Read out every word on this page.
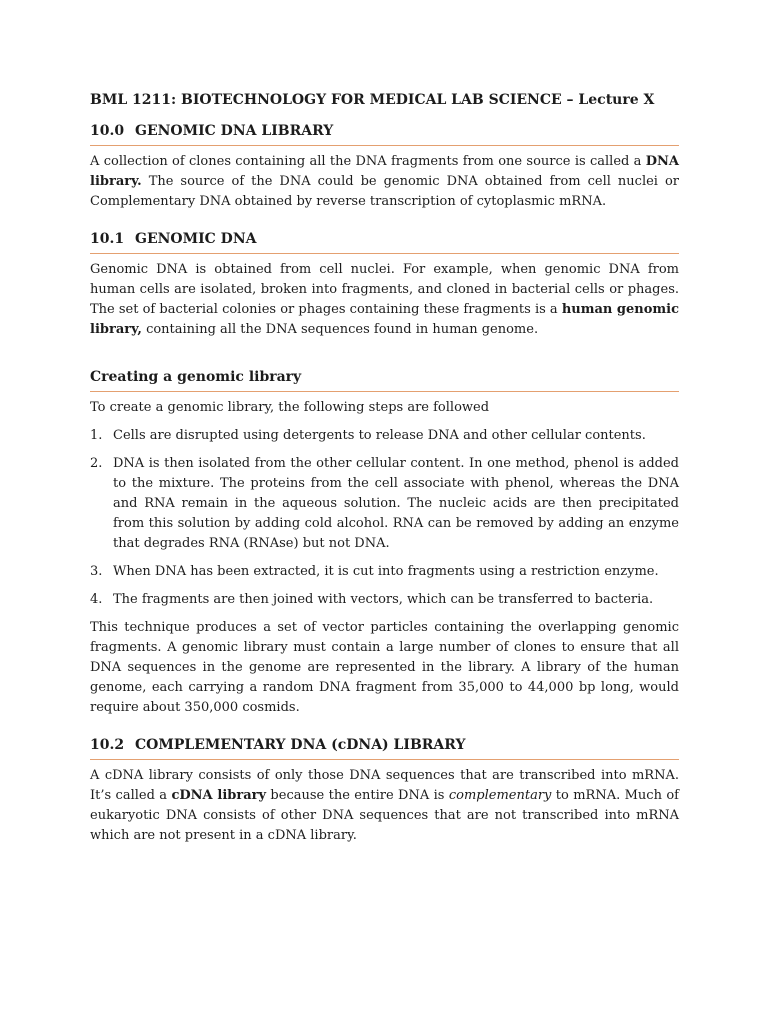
BML 1211: BIOTECHNOLOGY FOR MEDICAL LAB SCIENCE – Lecture X
10.0 GENOMIC DNA LIBRARY

A collection of clones containing all the DNA fragments from one source is called a DNA library. The source of the DNA could be genomic DNA obtained from cell nuclei or Complementary DNA obtained by reverse transcription of cytoplasmic mRNA.

10.1 GENOMIC DNA

Genomic DNA is obtained from cell nuclei. For example, when genomic DNA from human cells are isolated, broken into fragments, and cloned in bacterial cells or phages. The set of bacterial colonies or phages containing these fragments is a human genomic library, containing all the DNA sequences found in human genome.

Creating a genomic library

To create a genomic library, the following steps are followed

1. Cells are disrupted using detergents to release DNA and other cellular contents.
2. DNA is then isolated from the other cellular content. In one method, phenol is added to the mixture. The proteins from the cell associate with phenol, whereas the DNA and RNA remain in the aqueous solution. The nucleic acids are then precipitated from this solution by adding cold alcohol. RNA can be removed by adding an enzyme that degrades RNA (RNAse) but not DNA.
3. When DNA has been extracted, it is cut into fragments using a restriction enzyme.
4. The fragments are then joined with vectors, which can be transferred to bacteria.

This technique produces a set of vector particles containing the overlapping genomic fragments. A genomic library must contain a large number of clones to ensure that all DNA sequences in the genome are represented in the library. A library of the human genome, each carrying a random DNA fragment from 35,000 to 44,000 bp long, would require about 350,000 cosmids.

10.2 COMPLEMENTARY DNA (cDNA) LIBRARY

A cDNA library consists of only those DNA sequences that are transcribed into mRNA. It’s called a cDNA library because the entire DNA is complementary to mRNA. Much of eukaryotic DNA consists of other DNA sequences that are not transcribed into mRNA which are not present in a cDNA library.
